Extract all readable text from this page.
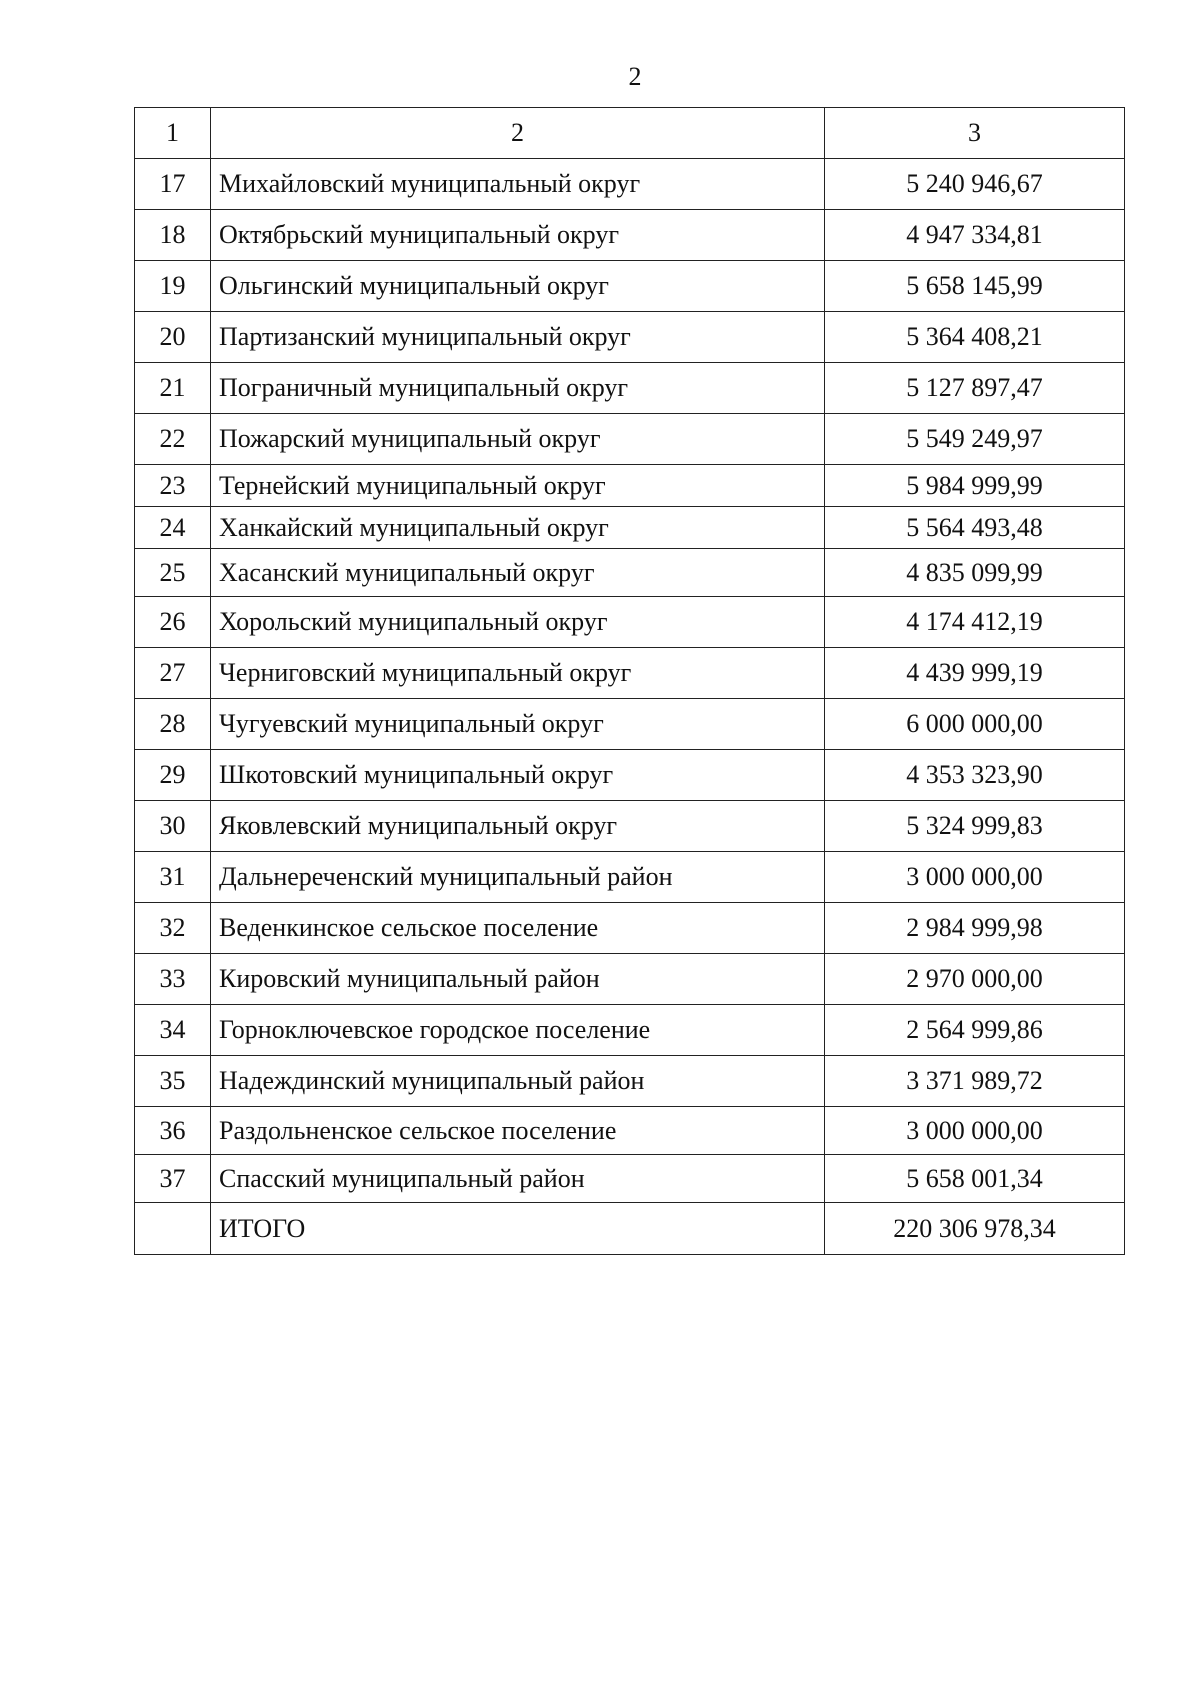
2
1	2	3
17	Михайловский муниципальный округ	5 240 946,67
18	Октябрьский муниципальный округ	4 947 334,81
19	Ольгинский муниципальный округ	5 658 145,99
20	Партизанский муниципальный округ	5 364 408,21
21	Пограничный муниципальный округ	5 127 897,47
22	Пожарский муниципальный округ	5 549 249,97
23	Тернейский муниципальный округ	5 984 999,99
24	Ханкайский муниципальный округ	5 564 493,48
25	Хасанский муниципальный округ	4 835 099,99
26	Хорольский муниципальный округ	4 174 412,19
27	Черниговский муниципальный округ	4 439 999,19
28	Чугуевский муниципальный округ	6 000 000,00
29	Шкотовский муниципальный округ	4 353 323,90
30	Яковлевский муниципальный округ	5 324 999,83
31	Дальнереченский муниципальный район	3 000 000,00
32	Веденкинское сельское поселение	2 984 999,98
33	Кировский муниципальный район	2 970 000,00
34	Горноключевское городское поселение	2 564 999,86
35	Надеждинский муниципальный район	3 371 989,72
36	Раздольненское сельское поселение	3 000 000,00
37	Спасский муниципальный район	5 658 001,34
	ИТОГО	220 306 978,34
